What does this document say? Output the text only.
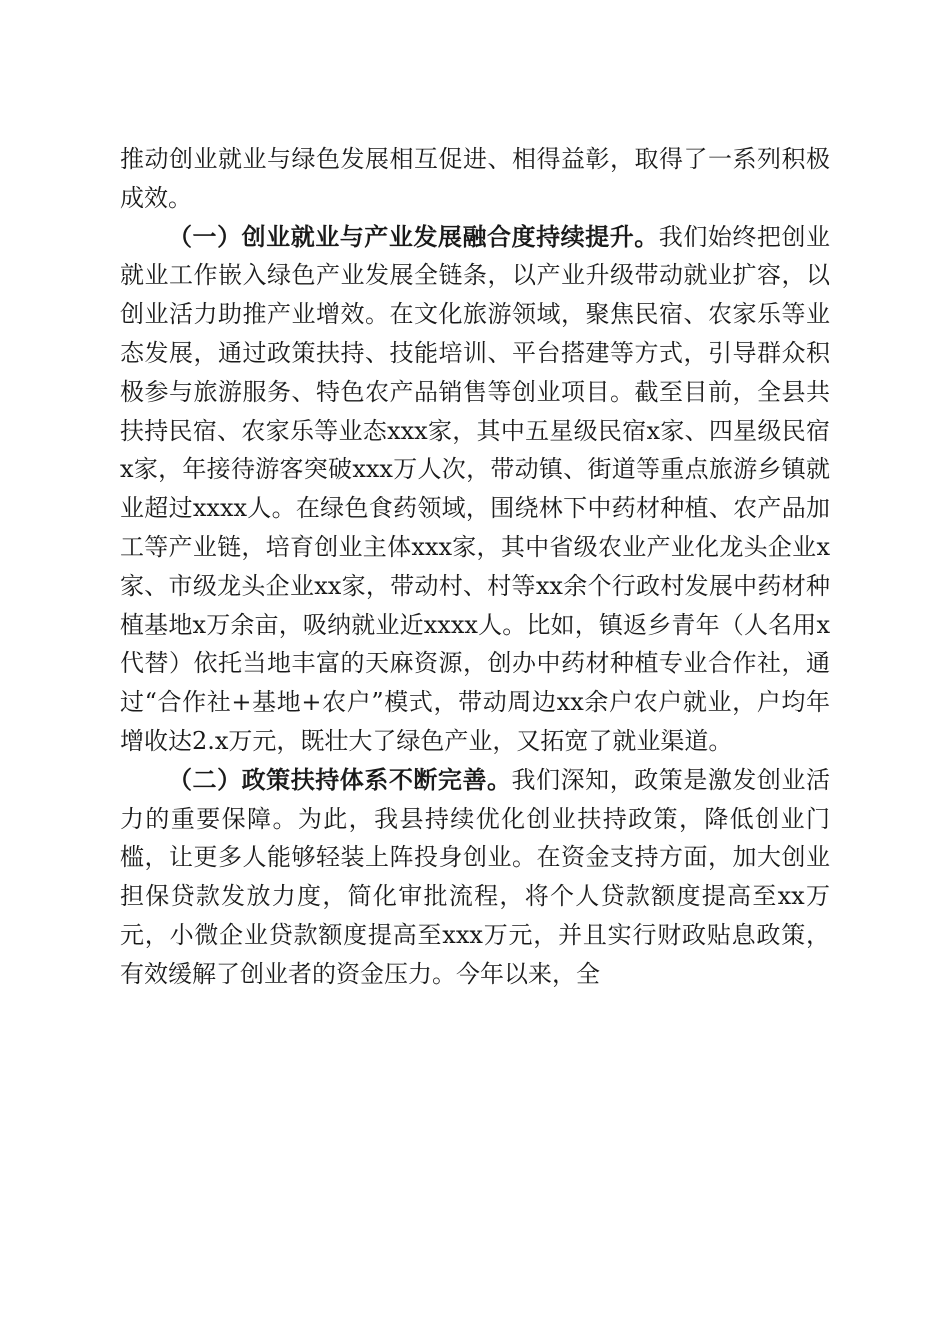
推动创业就业与绿色发展相互促进、相得益彰，取得了一系列积极成效。

（一）创业就业与产业发展融合度持续提升。我们始终把创业就业工作嵌入绿色产业发展全链条，以产业升级带动就业扩容，以创业活力助推产业增效。在文化旅游领域，聚焦民宿、农家乐等业态发展，通过政策扶持、技能培训、平台搭建等方式，引导群众积极参与旅游服务、特色农产品销售等创业项目。截至目前，全县共扶持民宿、农家乐等业态xxx家，其中五星级民宿x家、四星级民宿x家，年接待游客突破xxx万人次，带动镇、街道等重点旅游乡镇就业超过xxxx人。在绿色食药领域，围绕林下中药材种植、农产品加工等产业链，培育创业主体xxx家，其中省级农业产业化龙头企业x家、市级龙头企业xx家，带动村、村等xx余个行政村发展中药材种植基地x万余亩，吸纳就业近xxxx人。比如，镇返乡青年（人名用x代替）依托当地丰富的天麻资源，创办中药材种植专业合作社，通过“合作社+基地+农户”模式，带动周边xx余户农户就业，户均年增收达2.x万元，既壮大了绿色产业，又拓宽了就业渠道。

（二）政策扶持体系不断完善。我们深知，政策是激发创业活力的重要保障。为此，我县持续优化创业扶持政策，降低创业门槛，让更多人能够轻装上阵投身创业。在资金支持方面，加大创业担保贷款发放力度，简化审批流程，将个人贷款额度提高至xx万元，小微企业贷款额度提高至xxx万元，并且实行财政贴息政策，有效缓解了创业者的资金压力。今年以来，全
